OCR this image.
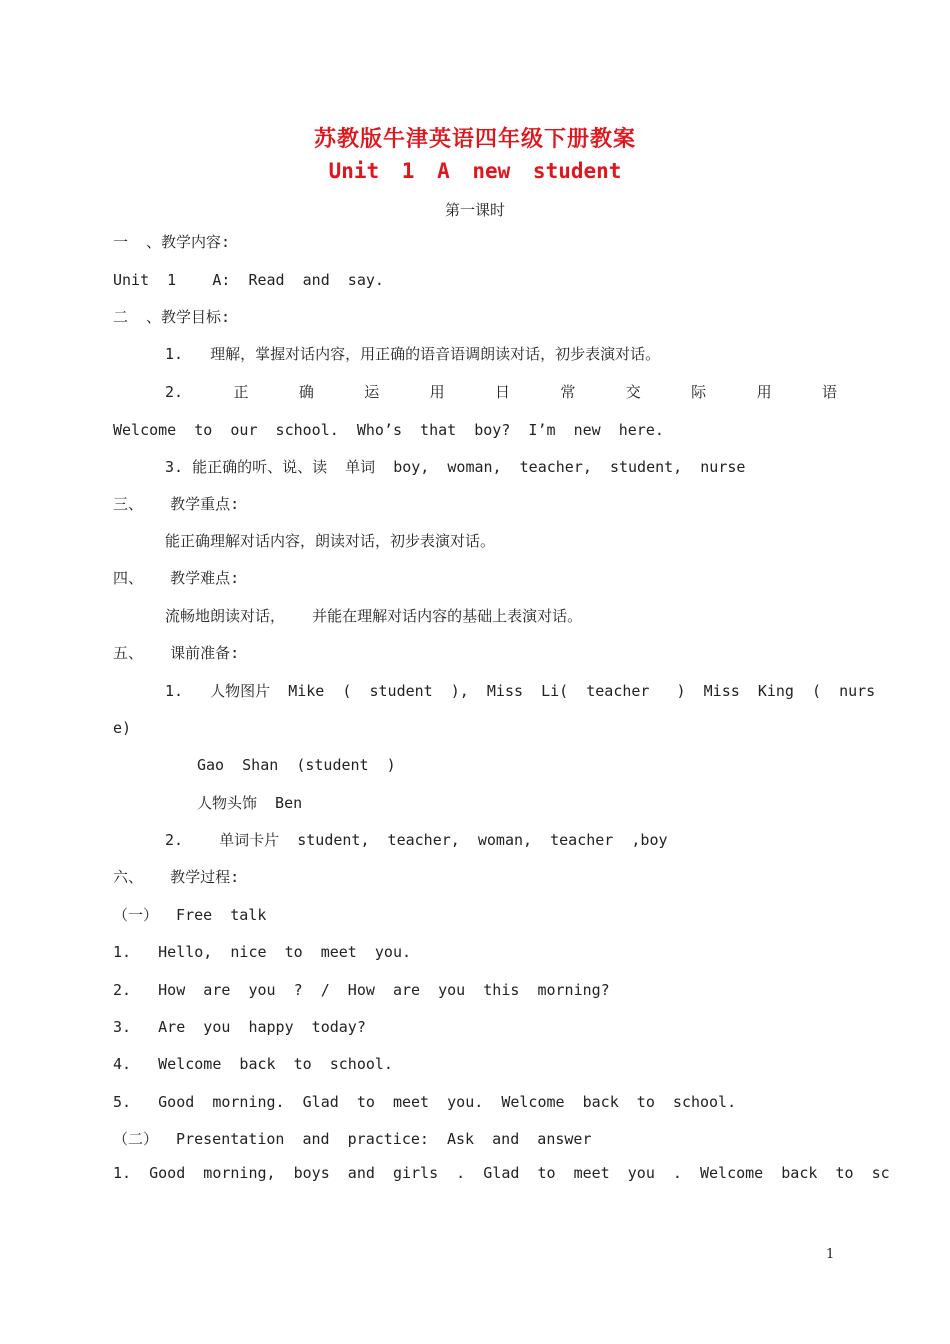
苏教版牛津英语四年级下册教案
Unit 1 A new student
第一课时
一  、教学内容:
Unit  1    A:  Read  and  say.
二  、教学目标:
1.   理解，掌握对话内容，用正确的语音语调朗读对话，初步表演对话。
2.	正	确	运	用	日	常	交	际	用	语
Welcome  to  our  school.  Who’s  that  boy?  I’m  new  here.
3. 能正确的听、说、读  单词  boy,  woman,  teacher,  student,  nurse
三、   教学重点:
能正确理解对话内容，朗读对话，初步表演对话。
四、   教学难点:
流畅地朗读对话，   并能在理解对话内容的基础上表演对话。
五、   课前准备:
1.   人物图片  Mike  (  student  ),  Miss  Li(  teacher   )  Miss  King  (  nurs
e)
Gao  Shan  (student  )
人物头饰  Ben
2.    单词卡片  student,  teacher,  woman,  teacher  ,boy
六、   教学过程:
（一）  Free  talk
1.   Hello,  nice  to  meet  you.
2.   How  are  you  ?  /  How  are  you  this  morning?
3.   Are  you  happy  today?
4.   Welcome  back  to  school.
5.   Good  morning.  Glad  to  meet  you.  Welcome  back  to  school.
（二）  Presentation  and  practice:  Ask  and  answer
1.  Good  morning,  boys  and  girls  .  Glad  to  meet  you  .  Welcome  back  to  sc
1
